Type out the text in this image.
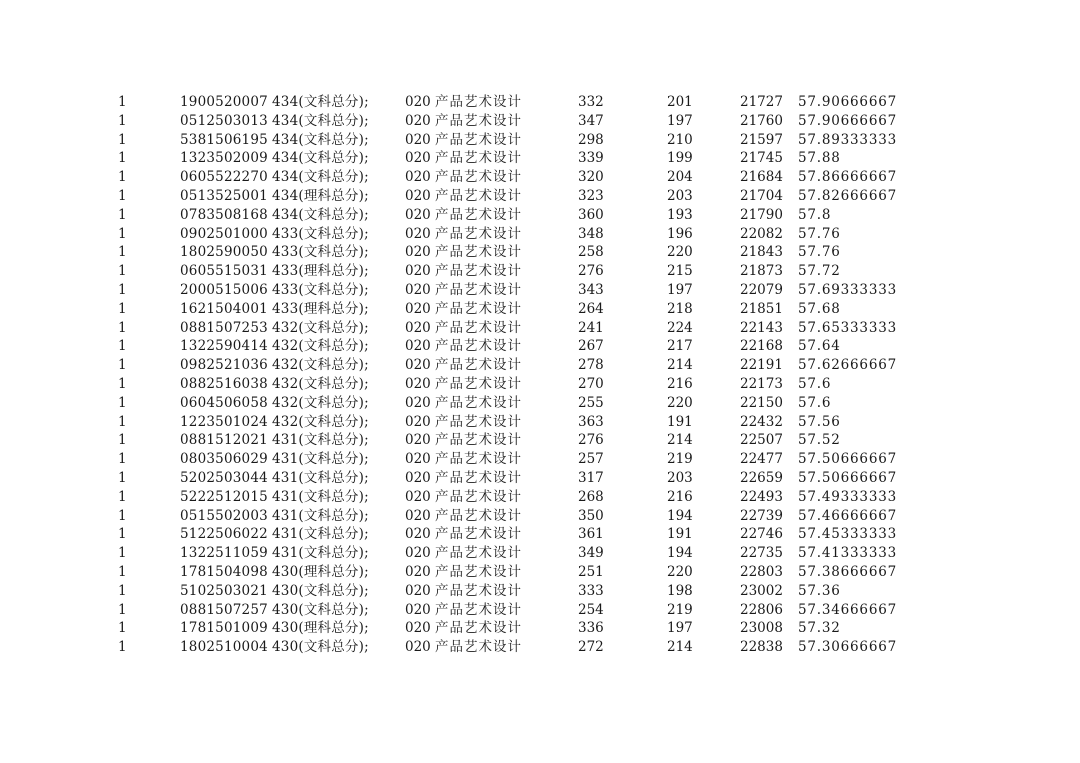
1	1900520007 434(文科总分);	020 产品艺术设计	332	201	21727 57.90666667
1	0512503013 434(文科总分);	020 产品艺术设计	347	197	21760 57.90666667
1	5381506195 434(文科总分);	020 产品艺术设计	298	210	21597 57.89333333
1	1323502009 434(文科总分);	020 产品艺术设计	339	199	21745 57.88
1	0605522270 434(文科总分);	020 产品艺术设计	320	204	21684 57.86666667
1	0513525001 434(理科总分);	020 产品艺术设计	323	203	21704 57.82666667
1	0783508168 434(文科总分);	020 产品艺术设计	360	193	21790 57.8
1	0902501000 433(文科总分);	020 产品艺术设计	348	196	22082 57.76
1	1802590050 433(文科总分);	020 产品艺术设计	258	220	21843 57.76
1	0605515031 433(理科总分);	020 产品艺术设计	276	215	21873 57.72
1	2000515006 433(文科总分);	020 产品艺术设计	343	197	22079 57.69333333
1	1621504001 433(理科总分);	020 产品艺术设计	264	218	21851 57.68
1	0881507253 432(文科总分);	020 产品艺术设计	241	224	22143 57.65333333
1	1322590414 432(文科总分);	020 产品艺术设计	267	217	22168 57.64
1	0982521036 432(文科总分);	020 产品艺术设计	278	214	22191 57.62666667
1	0882516038 432(文科总分);	020 产品艺术设计	270	216	22173 57.6
1	0604506058 432(文科总分);	020 产品艺术设计	255	220	22150 57.6
1	1223501024 432(文科总分);	020 产品艺术设计	363	191	22432 57.56
1	0881512021 431(文科总分);	020 产品艺术设计	276	214	22507 57.52
1	0803506029 431(文科总分);	020 产品艺术设计	257	219	22477 57.50666667
1	5202503044 431(文科总分);	020 产品艺术设计	317	203	22659 57.50666667
1	5222512015 431(文科总分);	020 产品艺术设计	268	216	22493 57.49333333
1	0515502003 431(文科总分);	020 产品艺术设计	350	194	22739 57.46666667
1	5122506022 431(文科总分);	020 产品艺术设计	361	191	22746 57.45333333
1	1322511059 431(文科总分);	020 产品艺术设计	349	194	22735 57.41333333
1	1781504098 430(理科总分);	020 产品艺术设计	251	220	22803 57.38666667
1	5102503021 430(文科总分);	020 产品艺术设计	333	198	23002 57.36
1	0881507257 430(文科总分);	020 产品艺术设计	254	219	22806 57.34666667
1	1781501009 430(理科总分);	020 产品艺术设计	336	197	23008 57.32
1	1802510004 430(文科总分);	020 产品艺术设计	272	214	22838 57.30666667
